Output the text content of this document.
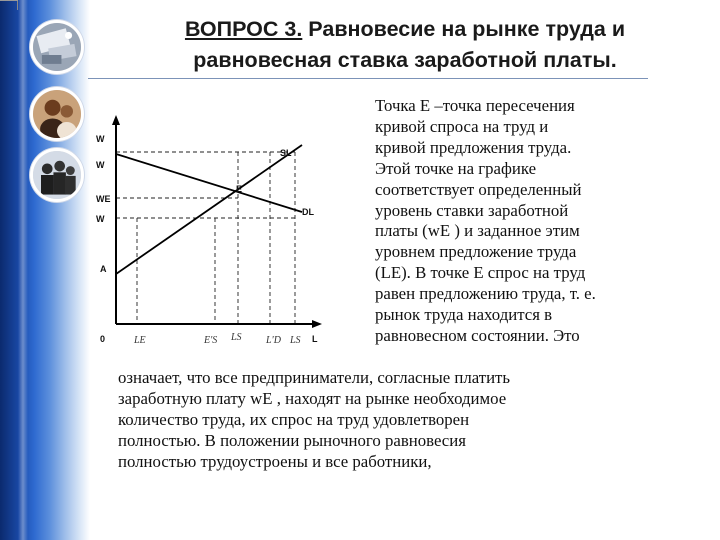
ВОПРОС 3. Равновесие на рынке труда и
равновесная ставка заработной платы.
W
W
WE
W
A
0	L
SL
DL
E
LE	E'S LS L'D LS
Точка E –точка пересечения
кривой спроса на труд и
кривой предложения труда.
Этой точке на графике
соответствует определенный
уровень ставки заработной
платы (wE ) и заданное этим
уровнем предложение труда
(LE). В точке E спрос на труд
равен предложению труда, т. е.
рынок труда находится в
равновесном состоянии. Это
означает, что все предприниматели, согласные платить
заработную плату wE , находят на рынке необходимое
количество труда, их спрос на труд удовлетворен
полностью. В положении рыночного равновесия
полностью трудоустроены и все работники,
